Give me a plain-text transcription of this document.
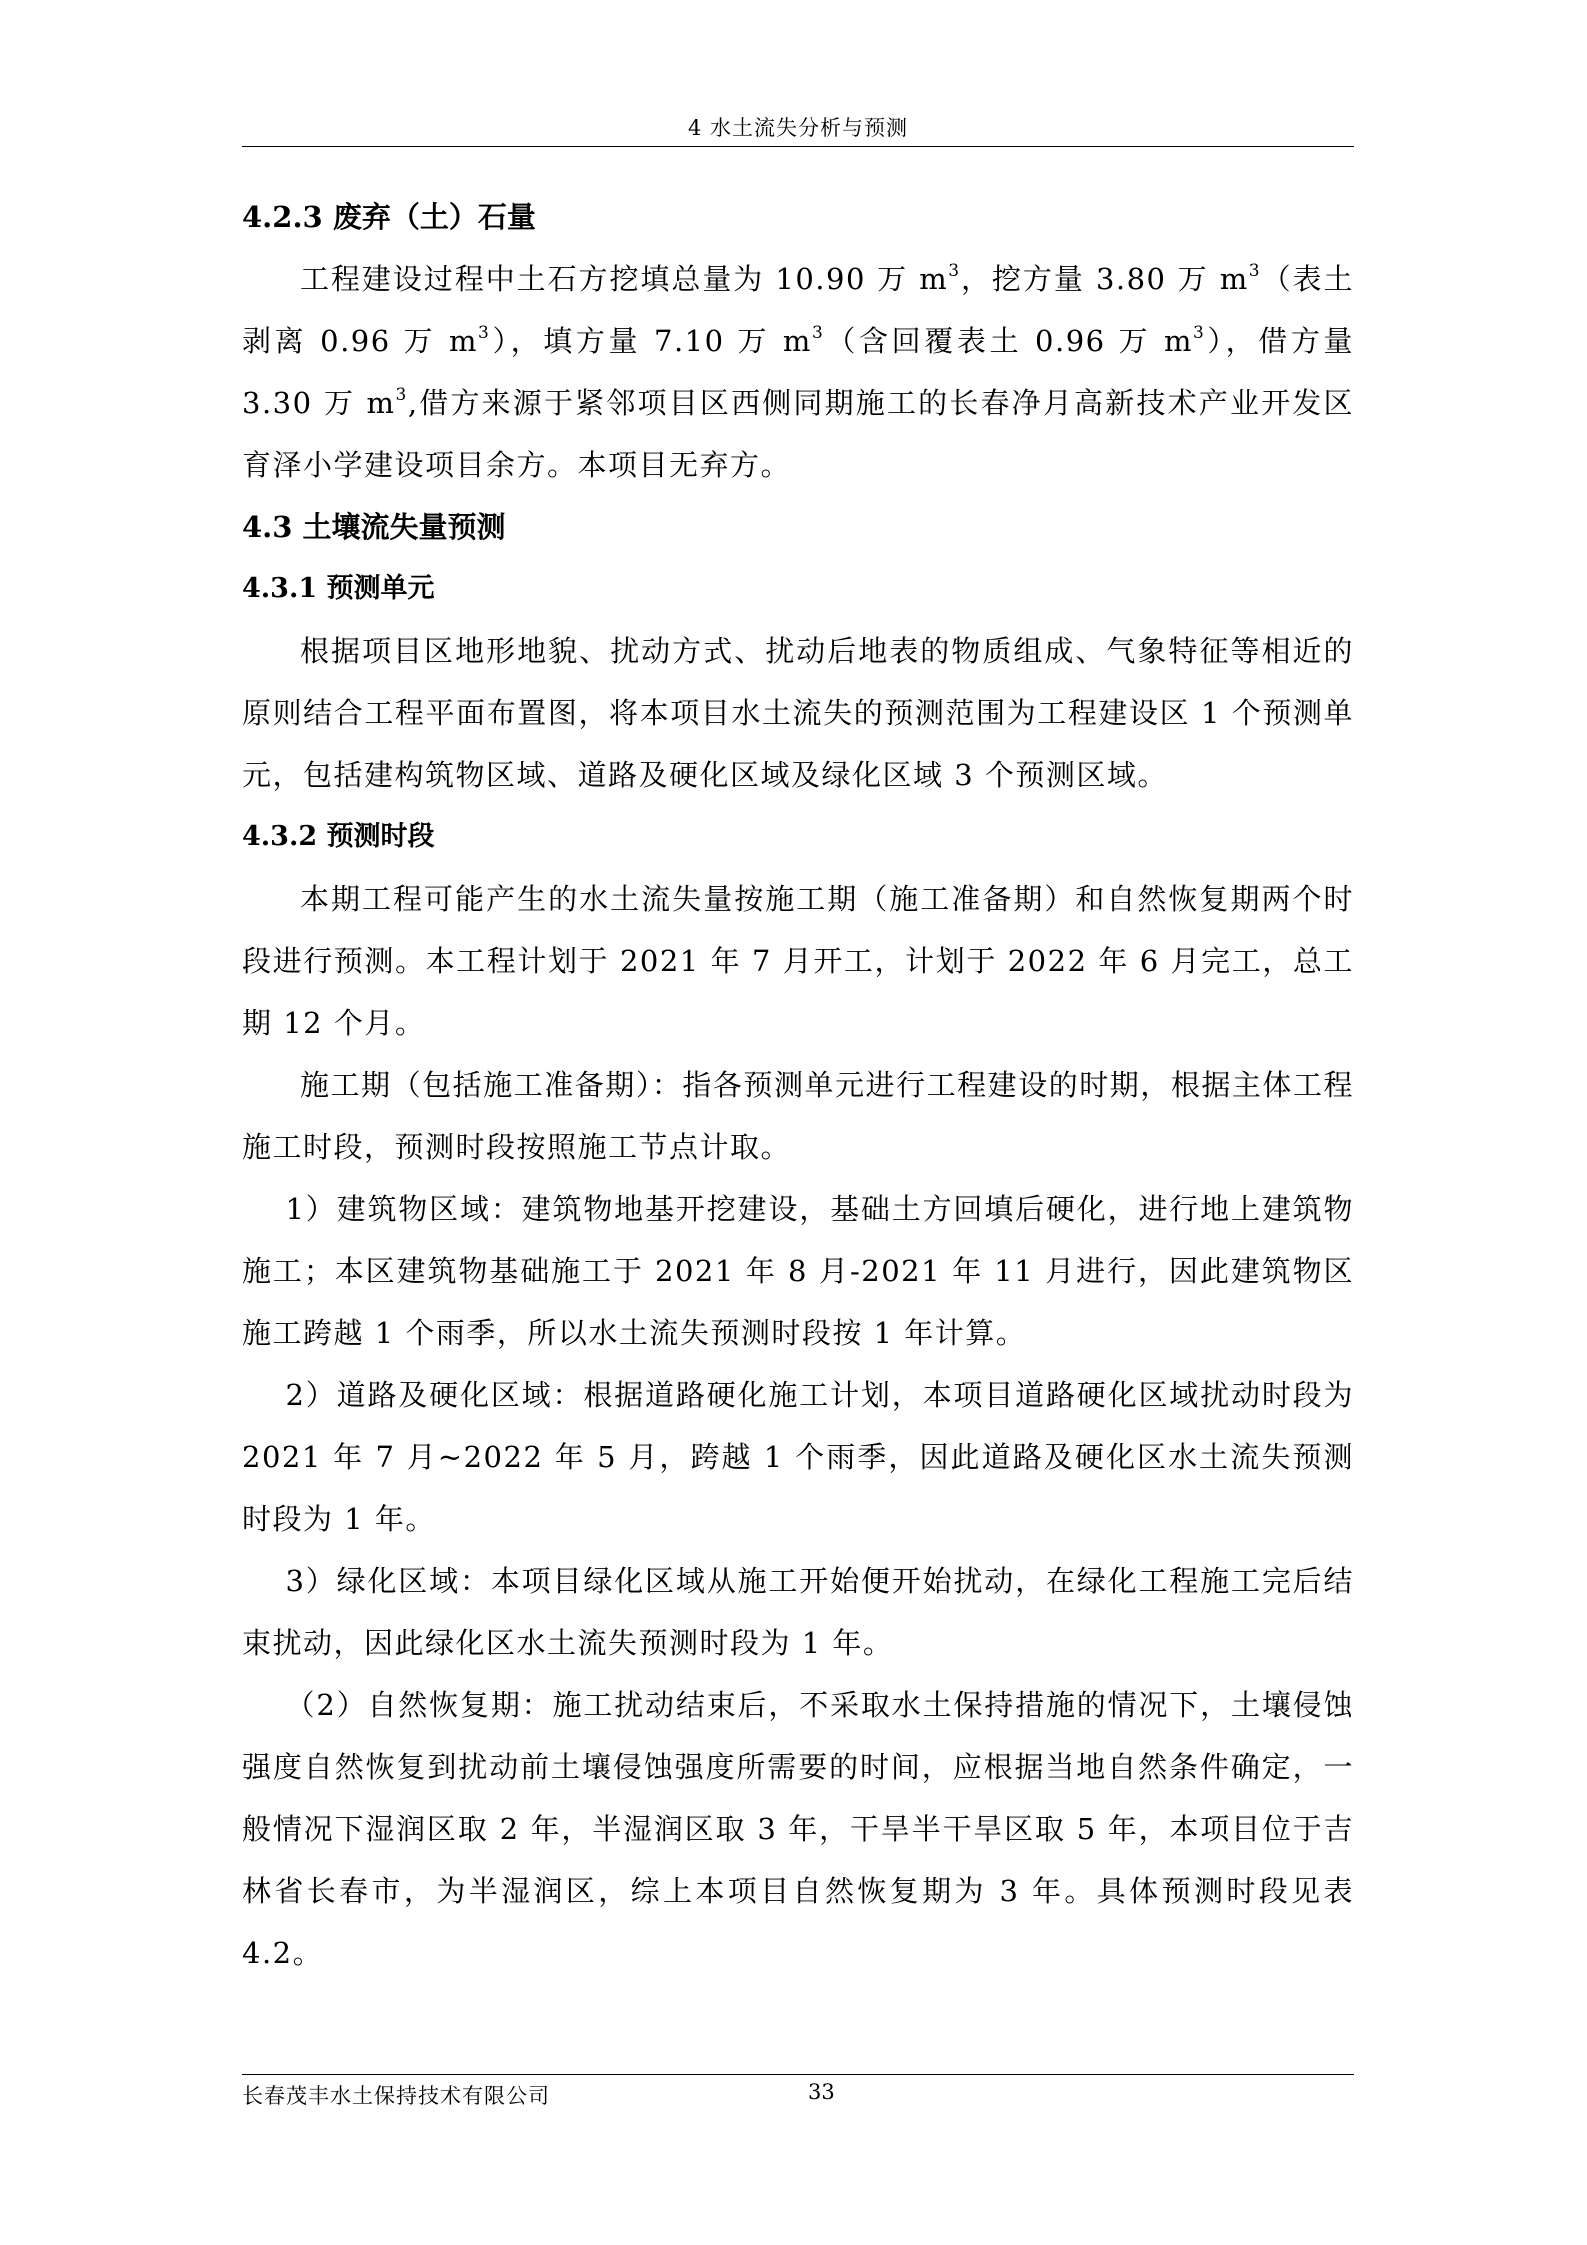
4 水土流失分析与预测
4.2.3 废弃（土）石量

工程建设过程中土石方挖填总量为 10.90 万 $m^3$，挖方量 3.80 万 $m^3$（表土剥离 0.96 万 $m^3$），填方量 7.10 万 $m^3$（含回覆表土 0.96 万 $m^3$），借方量 3.30 万 $m^3$,借方来源于紧邻项目区西侧同期施工的长春净月高新技术产业开发区育泽小学建设项目余方。本项目无弃方。

4.3 土壤流失量预测
4.3.1 预测单元

根据项目区地形地貌、扰动方式、扰动后地表的物质组成、气象特征等相近的原则结合工程平面布置图，将本项目水土流失的预测范围为工程建设区 1 个预测单元，包括建构筑物区域、道路及硬化区域及绿化区域 3 个预测区域。

4.3.2 预测时段

本期工程可能产生的水土流失量按施工期（施工准备期）和自然恢复期两个时段进行预测。本工程计划于 2021 年 7 月开工，计划于 2022 年 6 月完工，总工期 12 个月。

施工期（包括施工准备期）：指各预测单元进行工程建设的时期，根据主体工程施工时段，预测时段按照施工节点计取。

1）建筑物区域：建筑物地基开挖建设，基础土方回填后硬化，进行地上建筑物施工；本区建筑物基础施工于 2021 年 8 月-2021 年 11 月进行，因此建筑物区施工跨越 1 个雨季，所以水土流失预测时段按 1 年计算。

2）道路及硬化区域：根据道路硬化施工计划，本项目道路硬化区域扰动时段为 2021 年 7 月~2022 年 5 月，跨越 1 个雨季，因此道路及硬化区水土流失预测时段为 1 年。

3）绿化区域：本项目绿化区域从施工开始便开始扰动，在绿化工程施工完后结束扰动，因此绿化区水土流失预测时段为 1 年。

（2）自然恢复期：施工扰动结束后，不采取水土保持措施的情况下，土壤侵蚀强度自然恢复到扰动前土壤侵蚀强度所需要的时间，应根据当地自然条件确定，一般情况下湿润区取 2 年，半湿润区取 3 年，干旱半干旱区取 5 年，本项目位于吉林省长春市，为半湿润区，综上本项目自然恢复期为 3 年。具体预测时段见表 4.2。

长春茂丰水土保持技术有限公司	33
